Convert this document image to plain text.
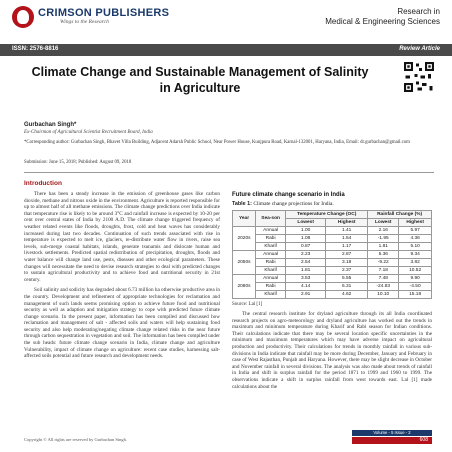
CRIMSON PUBLISHERS
Wings to the Research
Research in
Medical & Engineering Sciences
ISSN: 2576-8816	Review Article
Climate Change and Sustainable Management of Salinity in Agriculture
Gurbachan Singh*
Ex-Chairman of Agricultural Scientist Recruitment Board, India
*Corresponding author: Gurbachan Singh, Bhavet Villa Building, Adjacent Adarsh Public School, Near Power House, Kunjpura Road, Karnal-132001, Haryana, India, Email: dr.gurbachan@gmail.com
Submission: June 15, 2018; Published: August 09, 2018
Introduction

There has been a steady increase in the emission of greenhouse gases like carbon dioxide, methane and nitrous oxide in the environment. Agriculture is reported responsible for up to almost half of all methane emissions. The climate change predictions over India indicate that temperature rise is likely to be around 3°C and rainfall increase is expected by 10-20 per cent over central states of India by 2100 A.D. The climate change triggered frequency of weather related events like floods, droughts, frost, cold and heat waves has considerably increased during last two decades. Continuation of such trends associated with rise in temperature is expected to melt ice, glaciers, re-distribute water flow in rivers, raise sea levels, sub-merge coastal habitats, islands, generate tsunamis and dislocate human and livestock settlements. Predicted spatial redistribution of precipitation, droughts, floods and water balance will change land use, pests, diseases and other ecological parameters. These changes will necessitate the need to devise research strategies to deal with predicted changes to sustain agricultural productivity and to achieve food and nutritional security in 21st century.

Soil salinity and sodicity has degraded about 6.73 million ha otherwise productive area in the country. Development and refinement of appropriate technologies for reclamation and management of such lands seems promising option to achieve future food and nutritional security as well as adaption and mitigation strategy to cope with predicted future climate change scenario. In the present paper, information has been compiled and discussed how reclamation and management of salt - affected soils and waters will help sustaining food security and also help moderating/negating climate change related risks in the near future through carbon sequestration in vegetation and soil. The information has been compiled under the sub heads: future climate change scenario in India, climate change and agriculture Vulnerability, impact of climate change on agriculture: recent case studies, harnessing salt-affected soils potential and future research and development needs.

Future climate change scenario in India
Table 1: Climate change projections for India.
Year	Sea-son	Temperature Change (OC)		Rainfall Change (%)	
		Lowest	Highest	Lowest	Highest
2020s	Annual	1.00	1.41	2.16	5.97
	Rabi	1.08	1.54	-1.95	4.36
	Kharif	0.87	1.17	1.81	5.10
2050s	Annual	2.23	2.87	5.36	9.34
	Rabi	2.54	3.18	-9.22	3.82
	Kharif	1.81	2.37	7.18	10.52
2080s	Annual	3.53	5.55	7.48	9.90
	Rabi	4.14	6.31	-24.83	-4.50
	Kharif	2.91	4.62	10.10	15.18
Source: Lal [1]

The central research institute for dryland agriculture through its all India coordinated research projects on agro-meteorology and dryland agriculture has worked out the trends in maximum and minimum temperature during Kharif and Rabi season for Indian conditions. Their calculations indicate that there may be several location specific uncertainties in the minimum and maximum temperatures which may have adverse impact on agricultural production and productivity. Their calculations for trends in monthly rainfall in various sub-divisions in India indicate that rainfall may be more during December, January and February in case of West Rajasthan, Punjab and Haryana. However, there may be slight decrease in October and November rainfall in several divisions. The analysis was also made about trends of rainfall in India and shift in surplus rainfall for the period 1871 to 1999 and 1960 to 1999. The observations indicate a shift in surplus rainfall from west towards east. Lal [1] made calculations about the

Copyright © All rights are reserved by Gurbachan Singh.
Volume - 5 Issue - 2
608
